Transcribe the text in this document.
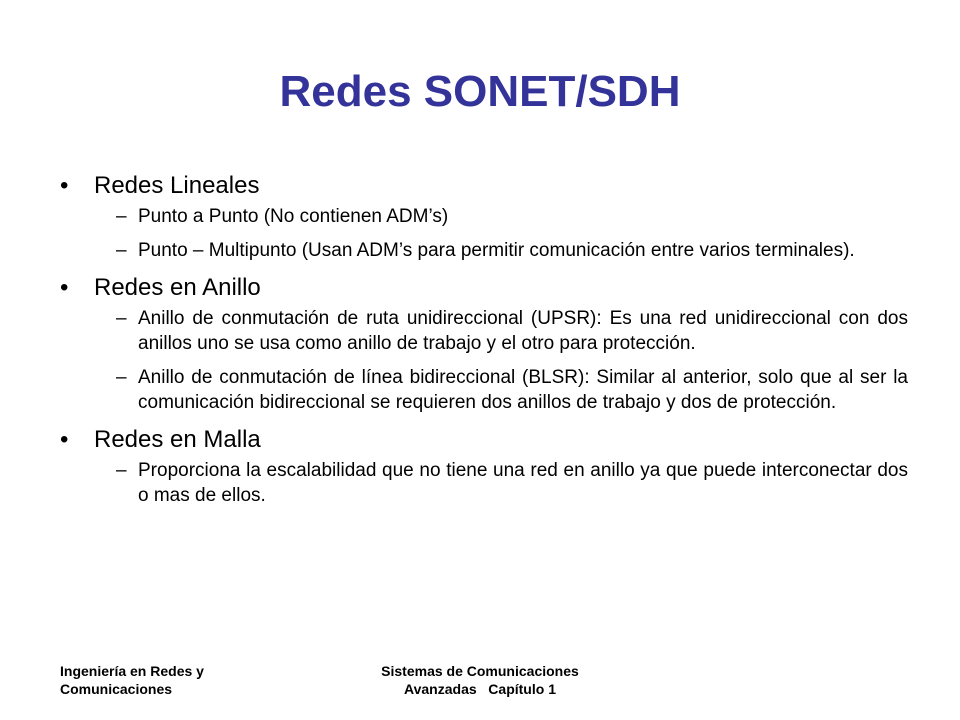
Redes SONET/SDH
• Redes Lineales
– Punto a Punto (No contienen ADM’s)
– Punto – Multipunto (Usan ADM’s para permitir comunicación entre varios terminales).
• Redes en Anillo
– Anillo de conmutación de ruta unidireccional (UPSR): Es una red unidireccional con dos anillos uno se usa como anillo de trabajo y el otro para protección.
– Anillo de conmutación de línea bidireccional (BLSR): Similar al anterior, solo que al ser la comunicación bidireccional se requieren dos anillos de trabajo y dos de protección.
• Redes en Malla
– Proporciona la escalabilidad que no tiene una red en anillo ya que puede interconectar dos o mas de ellos.
Ingeniería en Redes y
Comunicaciones
Sistemas de Comunicaciones
Avanzadas   Capítulo 1
